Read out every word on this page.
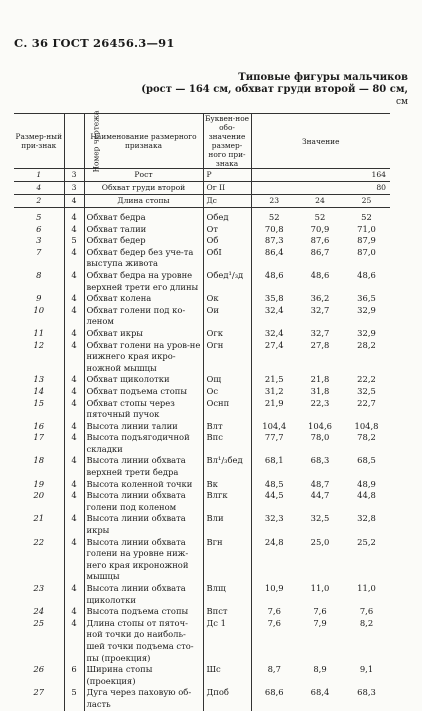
С. 36 ГОСТ 26456.3—91
Типовые фигуры мальчиков
(рост — 164 см, обхват груди второй — 80 см,
см
Размер-ный при-знак	Номер чертежа	Наименование размерного признака	Буквен-ное обо-значение размер-ного при-знака	Значение		
1	3	Рост	Р	164		
4	3	Обхват груди второй	Ог II	80		
2	4	Длина стопы	Дс	23	24	25
5	4	Обхват бедра	Обед	52	52	52
6	4	Обхват талии	От	70,8	70,9	71,0
3	5	Обхват бедер	Об	87,3	87,6	87,9
7	4	Обхват бедер без уче-та выступа живота	ОбI	86,4	86,7	87,0
8	4	Обхват бедра на уровне верхней трети его длины	Обед¹/₃д	48,6	48,6	48,6
9	4	Обхват колена	Ок	35,8	36,2	36,5
10	4	Обхват голени под ко-леном	Ои	32,4	32,7	32,9
11	4	Обхват икры	Огк	32,4	32,7	32,9
12	4	Обхват голени на уров-не нижнего края икро-ножной мышцы	Огн	27,4	27,8	28,2
13	4	Обхват щиколотки	Ощ	21,5	21,8	22,2
14	4	Обхват подъема стопы	Ос	31,2	31,8	32,5
15	4	Обхват стопы через пяточный пучок	Оснп	21,9	22,3	22,7
16	4	Высота линии талии	Влт	104,4	104,6	104,8
17	4	Высота подъягодичной складки	Впс	77,7	78,0	78,2
18	4	Высота линии обхвата верхней трети бедра	Вл¹/₃бед	68,1	68,3	68,5
19	4	Высота коленной точки	Вк	48,5	48,7	48,9
20	4	Высота линии обхвата голени под коленом	Влгк	44,5	44,7	44,8
21	4	Высота линии обхвата икры	Вли	32,3	32,5	32,8
22	4	Высота линии обхвата голени на уровне ниж-него края икроножной мышцы	Вгн	24,8	25,0	25,2
23	4	Высота линии обхвата щиколотки	Влщ	10,9	11,0	11,0
24	4	Высота подъема стопы	Впст	7,6	7,6	7,6
25	4	Длина стопы от пяточ-ной точки до наиболь-шей точки подъема сто-пы (проекция)	Дс 1	7,6	7,9	8,2
26	6	Ширина стопы (проекция)	Шс	8,7	8,9	9,1
27	5	Дуга через паховую об-ласть	Дпоб	68,6	68,4	68,3
